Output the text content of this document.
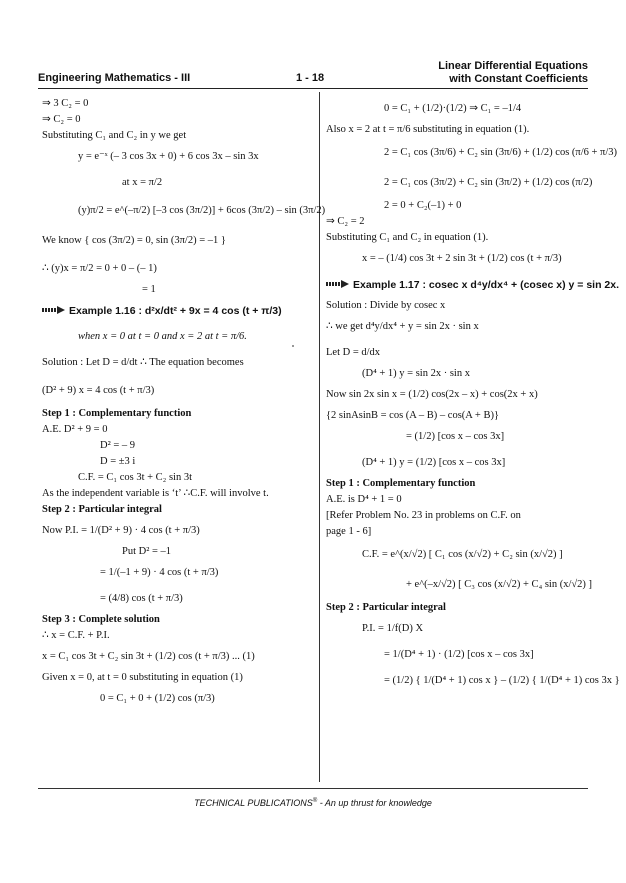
Engineering Mathematics - III	1 - 18
Linear Differential Equations
with Constant Coefficients
⇒ 3 C₂ = 0
⇒ C₂ = 0
Substituting C₁ and C₂ in y we get
y = e⁻ˣ (– 3 cos 3x + 0) + 6 cos 3x – sin 3x
at x = π/2
(y)π/2 = e^(–π/2) [–3 cos (3π/2)] + 6cos (3π/2) – sin (3π/2)
We know { cos (3π/2) = 0, sin (3π/2) = –1 }
∴ (y)x = π/2 = 0 + 0 – (– 1)
= 1
Example 1.16 : d²x/dt² + 9x = 4 cos (t + π/3)
when x = 0 at t = 0 and x = 2 at t = π/6.
Solution : Let D = d/dt ∴ The equation becomes
(D² + 9) x = 4 cos (t + π/3)
Step 1 : Complementary function
A.E. D² + 9 = 0
D² = – 9
D = ±3 i
C.F. = C₁ cos 3t + C₂ sin 3t
As the independent variable is ‘t’ ∴C.F. will involve t.
Step 2 : Particular integral
Now P.I. = 1/(D² + 9) · 4 cos (t + π/3)
Put D² = –1
= 1/(–1 + 9) · 4 cos (t + π/3)
= (4/8) cos (t + π/3)
Step 3 : Complete solution
∴ x = C.F. + P.I.
x = C₁ cos 3t + C₂ sin 3t + (1/2) cos (t + π/3) ... (1)
Given x = 0, at t = 0 substituting in equation (1)
0 = C₁ + 0 + (1/2) cos (π/3)
0 = C₁ + (1/2)·(1/2) ⇒ C₁ = –1/4
Also x = 2 at t = π/6 substituting in equation (1).
2 = C₁ cos (3π/6) + C₂ sin (3π/6) + (1/2) cos (π/6 + π/3)
2 = C₁ cos (3π/2) + C₂ sin (3π/2) + (1/2) cos (π/2)
2 = 0 + C₂(–1) + 0
⇒ C₂ = 2
Substituting C₁ and C₂ in equation (1).
x = – (1/4) cos 3t + 2 sin 3t + (1/2) cos (t + π/3)
Example 1.17 : cosec x d⁴y/dx⁴ + (cosec x) y = sin 2x.
Solution : Divide by cosec x
∴ we get d⁴y/dx⁴ + y = sin 2x · sin x
Let D = d/dx
(D⁴ + 1) y = sin 2x · sin x
Now sin 2x sin x = (1/2) cos(2x – x) + cos(2x + x)
{2 sinAsinB = cos (A – B) – cos(A + B)}
= (1/2) [cos x – cos 3x]
(D⁴ + 1) y = (1/2) [cos x – cos 3x]
Step 1 : Complementary function
A.E. is D⁴ + 1 = 0
[Refer Problem No. 23 in problems on C.F. on
page 1 - 6]
C.F. = e^(x/√2) [ C₁ cos (x/√2) + C₂ sin (x/√2) ]
+ e^(–x/√2) [ C₃ cos (x/√2) + C₄ sin (x/√2) ]
Step 2 : Particular integral
P.I. = 1/f(D) X
= 1/(D⁴ + 1) · (1/2) [cos x – cos 3x]
= (1/2) { 1/(D⁴ + 1) cos x } – (1/2) { 1/(D⁴ + 1) cos 3x }
TECHNICAL PUBLICATIONS® - An up thrust for knowledge
